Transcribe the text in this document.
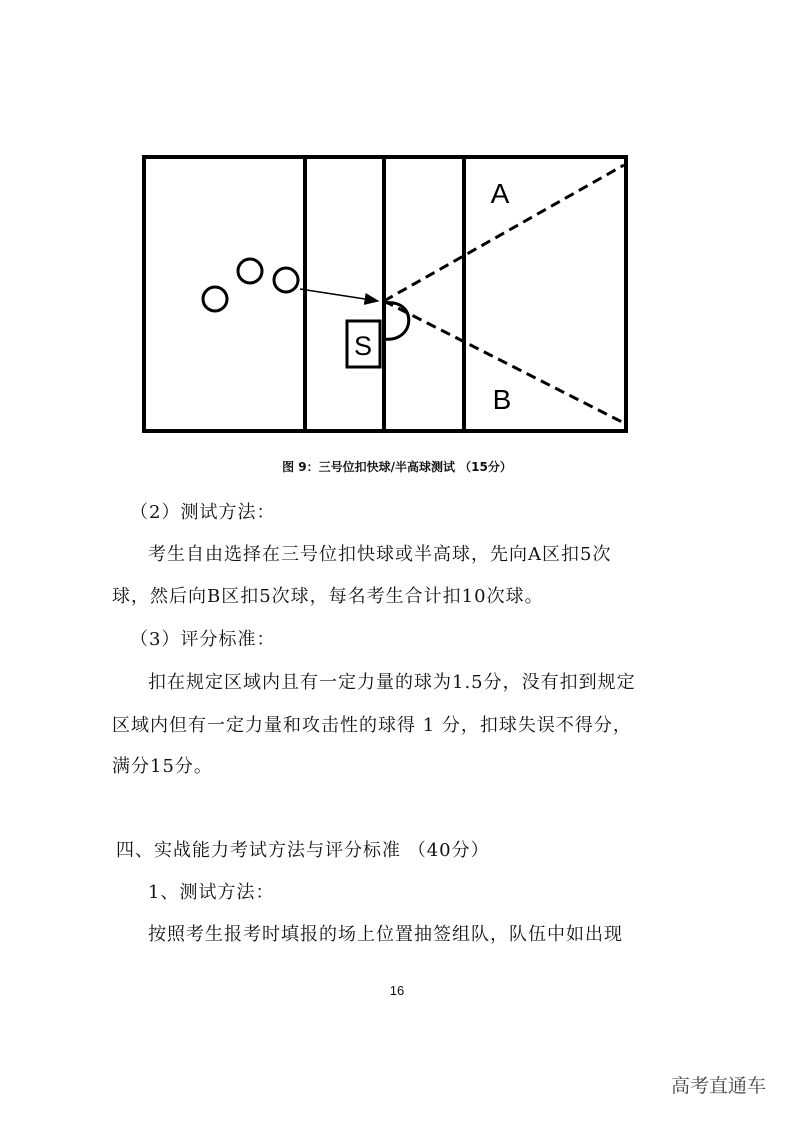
S
A
B
图 9：三号位扣快球/半高球测试 （15分）
（2）测试方法：
考生自由选择在三号位扣快球或半高球，先向A区扣5次
球，然后向B区扣5次球，每名考生合计扣10次球。
（3）评分标准：
扣在规定区域内且有一定力量的球为1.5分，没有扣到规定
区域内但有一定力量和攻击性的球得 1 分，扣球失误不得分，
满分15分。
四、实战能力考试方法与评分标准 （40分）
1、测试方法：
按照考生报考时填报的场上位置抽签组队，队伍中如出现
16
高考直通车
